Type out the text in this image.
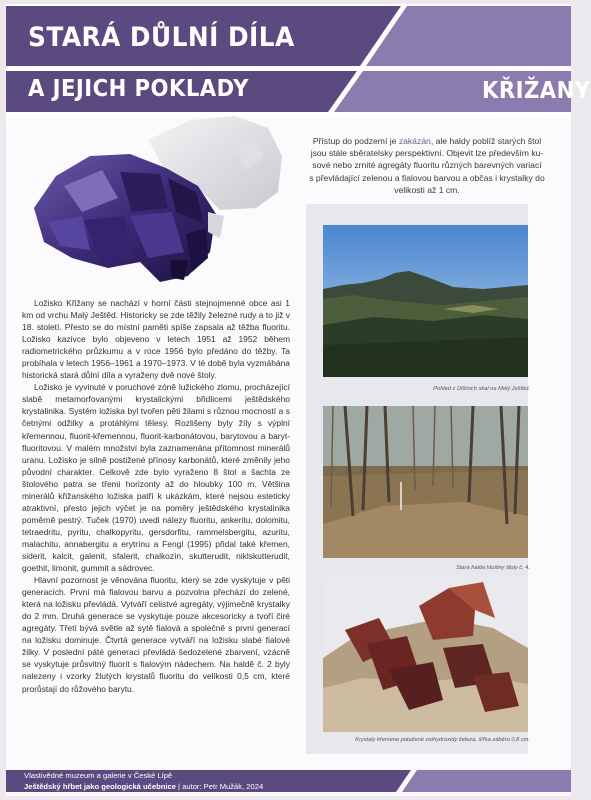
STARÁ DŮLNÍ DÍLA
A JEJICH POKLADY	KŘIŽANY
Přístup do podzemí je zakázán, ale haldy poblíž starých štol
jsou stále sběratelsky perspektivní. Objevit lze především ku-
sové nebo zrnité agregáty fluoritu různých barevných variací
s převládající zelenou a fialovou barvou a občas i krystalky do
velikosti až 1 cm.

Ložisko Křižany se nachází v horní části stejnojmenné obce asi 1 km od vrchu Malý Ještěd. Historicky se zde těžily železné rudy a to již v 18. století. Přesto se do místní paměti spíše zapsala až těžba fluoritu. Ložisko kazivce bylo objeveno v letech 1951 až 1952 během radiometrického průzkumu a v roce 1956 bylo předáno do těžby. Ta probíhala v letech 1956–1961 a 1970–1973. V té době byla vyzmáhána historická stará důlní díla a vyraženy dvě nové štoly.

Ložisko je vyvinuté v poruchové zóně lužického zlomu, procházející slabě metamorfovanými krystalickými břidlicemi ještědského krystalinika. Systém ložiska byl tvořen pěti žilami s různou mocností a s četnými odžilky a protáhlými tělesy. Rozlišeny byly žíly s výplní křemennou, fluorit-křemennou, fluorit-karbonátovou, barytovou a baryt-fluoritovou. V malém množství byla zaznamenána přítomnost minerálů uranu. Ložisko je silně postižené přínosy karbonátů, které změnily jeho původní charakter. Celkově zde bylo vyraženo 8 štol a šachta ze štolového patra se třemi horizonty až do hloubky 100 m. Většina minerálů křižanského ložiska patří k ukázkám, které nejsou esteticky atraktivní, přesto jejich výčet je na poměry ještědského krystalinika poměrně pestrý. Tuček (1970) uvedl nálezy fluoritu, ankeritu, dolomitu, tetraedritu, pyritu, chalkopyritu, gersdorfitu, rammelsbergitu, azuritu, malachitu, annabergitu a erytrínu a Fengl (1995) přidal také křemen, siderit, kalcit, galenit, sfalerit, chalkozín, skutterudit, niklskutterudit, goethit, limonit, gummit a sádrovec.

Hlavní pozornost je věnována fluoritu, který se zde vyskytuje v pěti generacích. První má fialovou barvu a pozvolna přechází do zelené, která na ložisku převládá. Vytváří celistvé agregáty, výjimečně krystalky do 2 mm. Druhá generace se vyskytuje pouze akcesoricky a tvoří čiré agregáty. Třetí bývá světle až sytě fialová a společně s první generací na ložisku dominuje. Čtvrtá generace vytváří na ložisku slabé fialové žilky. V poslední páté generaci převládá šedozelené zbarvení, vzácně se vyskytuje průsvitný fluorit s fialovým nádechem. Na haldě č. 2 byly nalezeny i vzorky žlutých krystalů fluoritu do velikosti 0,5 cm, které prorůstají do růžového barytu.

Pohled z Dlšinich skal na Malý Ještěd.
Stará halda hlušiny štoly č. 4.
Krystaly křemene potažené oxihydroxidy železa, šířka záběru 0,8 cm.
Vlastivědné muzeum a galerie v České Lípě
Ještědský hřbet jako geologická učebnice | autor: Petr Mužák, 2024
